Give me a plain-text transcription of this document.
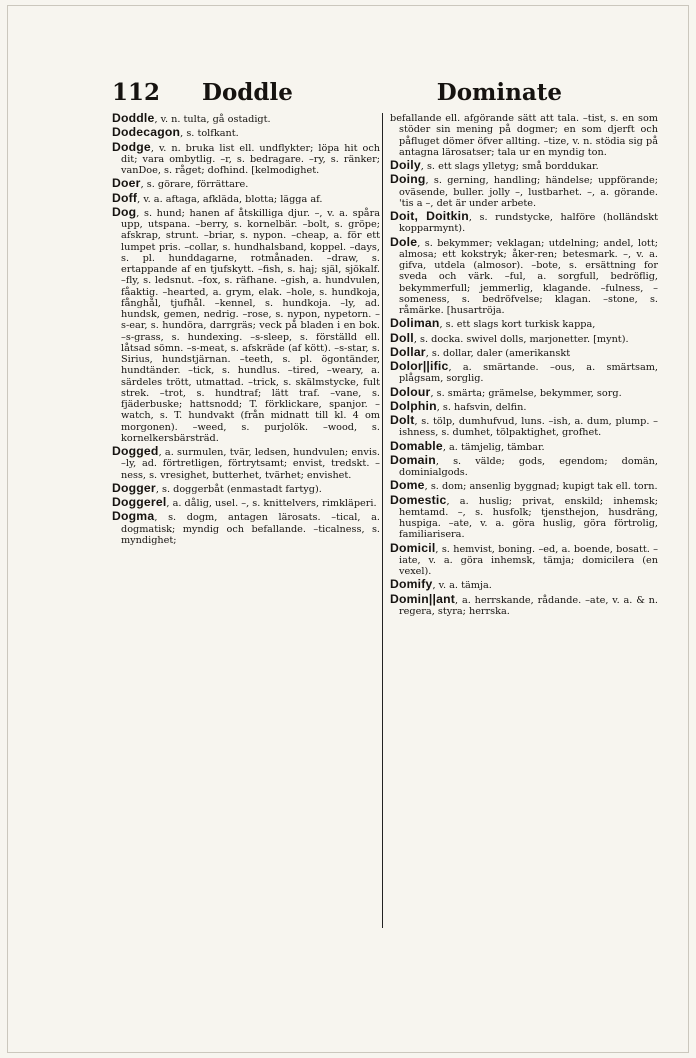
112 Doddle	Dominate

Doddle, v. n. tulta, gå ostadigt.

Dodecagon, s. tolfkant.

Dodge, v. n. bruka list ell. undflykter; löpa hit och dit; vara ombytlig. –r, s. bedragare. –ry, s. ränker; vanDoe, s. råget; dofhind. [kelmodighet.

Doer, s. görare, förrättare.

Doff, v. a. aftaga, afkläda, blotta; lägga af.

Dog, s. hund; hanen af åtskilliga djur. –, v. a. spåra upp, utspana. –berry, s. kornelbär. –bolt, s. gröpe; afskrap, strunt. –briar, s. nypon. –cheap, a. för ett lumpet pris. –collar, s. hundhalsband, koppel. –days, s. pl. hunddagarne, rotmånaden. –draw, s. ertappande af en tjufskytt. –fish, s. haj; själ, sjökalf. –fly, s. ledsnut. –fox, s. räfhane. –gish, a. hundvulen, fåaktig. –hearted, a. grym, elak. –hole, s. hundkoja, fånghål, tjufhål. –kennel, s. hundkoja. –ly, ad. hundsk, gemen, nedrig. –rose, s. nypon, nypetorn. –s-ear, s. hundöra, darrgräs; veck på bladen i en bok. –s-grass, s. hundexing. –s-sleep, s. förställd ell. låtsad sömn. –s-meat, s. afskräde (af kött). –s-star, s. Sirius, hundstjärnan. –teeth, s. pl. ögontänder, hundtänder. –tick, s. hundlus. –tired, –weary, a. särdeles trött, utmattad. –trick, s. skälmstycke, fult strek. –trot, s. hundtraf; lätt traf. –vane, s. fjäderbuske; hattsnodd; T. förklickare, spanjor. –watch, s. T. hundvakt (från midnatt till kl. 4 om morgonen). –weed, s. purjolök. –wood, s. kornelkersbärsträd.

Dogged, a. surmulen, tvär, ledsen, hundvulen; envis. –ly, ad. förtretligen, förtrytsamt; envist, tredskt. –ness, s. vresighet, butterhet, tvärhet; envishet.

Dogger, s. doggerbåt (enmastadt fartyg).

Doggerel, a. dålig, usel. –, s. knittelvers, rimkläperi.

Dogma, s. dogm, antagen lärosats. –tical, a. dogmatisk; myndig och befallande. –ticalness, s. myndighet;

befallande ell. afgörande sätt att tala. –tist, s. en som stöder sin mening på dogmer; en som djerft och påfluget dömer öfver allting. –tize, v. n. stödia sig på antagna lärosatser; tala ur en myndig ton.

Doily, s. ett slags ylletyg; små borddukar.

Doing, s. gerning, handling; händelse; uppförande; oväsende, buller. jolly –, lustbarhet. –, a. görande. 'tis a –, det är under arbete.

Doit, Doitkin, s. rundstycke, halföre (holländskt kopparmynt).

Dole, s. bekymmer; veklagan; utdelning; andel, lott; almosa; ett kokstryk; åker-ren; betesmark. –, v. a. gifva, utdela (almosor). –bote, s. ersättning for sveda och värk. –ful, a. sorgfull, bedröflig, bekymmerfull; jemmerlig, klagande. –fulness, –someness, s. bedröfvelse; klagan. –stone, s. råmärke. [husartröja.

Doliman, s. ett slags kort turkisk kappa,

Doll, s. docka. swivel dolls, marjonetter. [mynt).

Dollar, s. dollar, daler (amerikanskt

Dolor||ific, a. smärtande. –ous, a. smärtsam, plågsam, sorglig.

Dolour, s. smärta; grämelse, bekymmer, sorg.

Dolphin, s. hafsvin, delfin.

Dolt, s. tölp, dumhufvud, luns. –ish, a. dum, plump. –ishness, s. dumhet, tölpaktighet, grofhet.

Domable, a. tämjelig, tämbar.

Domain, s. välde; gods, egendom; domän, dominialgods.

Dome, s. dom; ansenlig byggnad; kupigt tak ell. torn.

Domestic, a. huslig; privat, enskild; inhemsk; hemtamd. –, s. husfolk; tjensthejon, husdräng, huspiga. –ate, v. a. göra huslig, göra förtrolig, familiarisera.

Domicil, s. hemvist, boning. –ed, a. boende, bosatt. –iate, v. a. göra inhemsk, tämja; domicilera (en vexel).

Domify, v. a. tämja.

Domin||ant, a. herrskande, rådande. –ate, v. a. & n. regera, styra; herrska.
